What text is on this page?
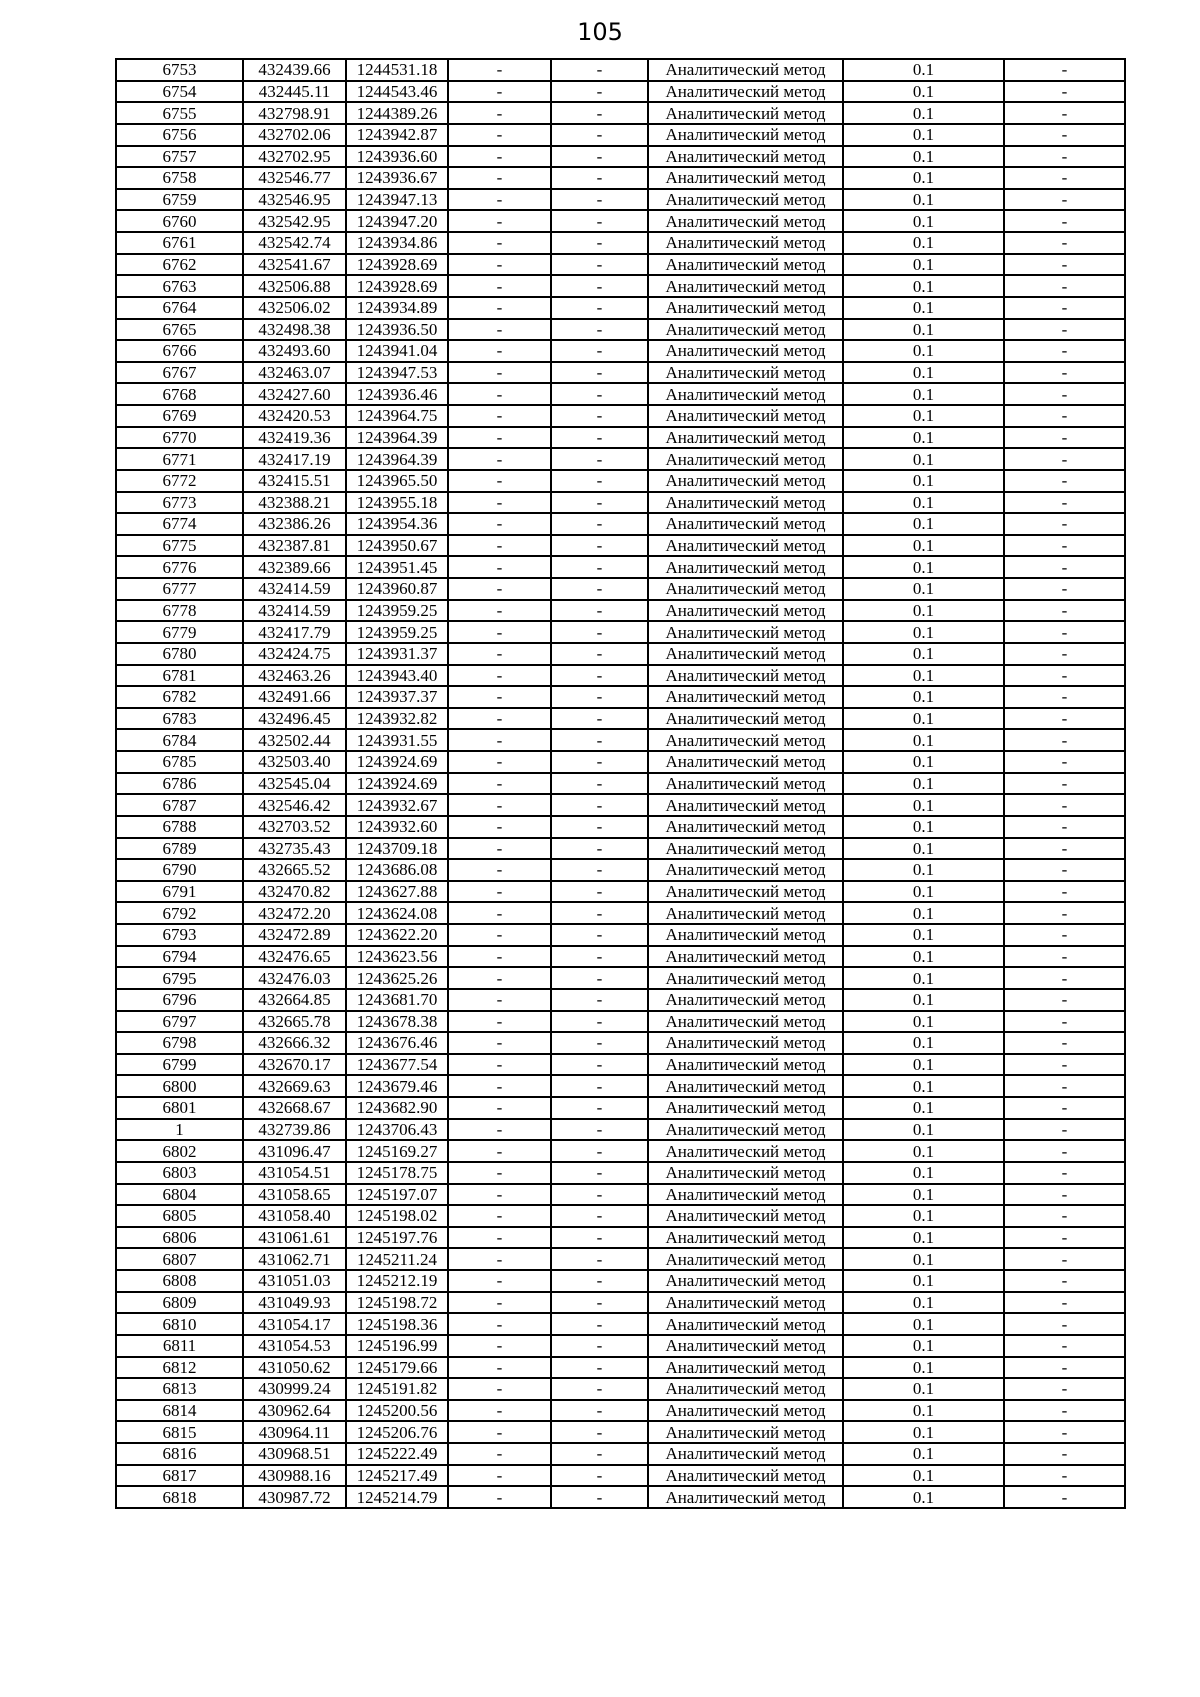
105
6753	432439.66	1244531.18	-	-	Аналитический метод	0.1	-
6754	432445.11	1244543.46	-	-	Аналитический метод	0.1	-
6755	432798.91	1244389.26	-	-	Аналитический метод	0.1	-
6756	432702.06	1243942.87	-	-	Аналитический метод	0.1	-
6757	432702.95	1243936.60	-	-	Аналитический метод	0.1	-
6758	432546.77	1243936.67	-	-	Аналитический метод	0.1	-
6759	432546.95	1243947.13	-	-	Аналитический метод	0.1	-
6760	432542.95	1243947.20	-	-	Аналитический метод	0.1	-
6761	432542.74	1243934.86	-	-	Аналитический метод	0.1	-
6762	432541.67	1243928.69	-	-	Аналитический метод	0.1	-
6763	432506.88	1243928.69	-	-	Аналитический метод	0.1	-
6764	432506.02	1243934.89	-	-	Аналитический метод	0.1	-
6765	432498.38	1243936.50	-	-	Аналитический метод	0.1	-
6766	432493.60	1243941.04	-	-	Аналитический метод	0.1	-
6767	432463.07	1243947.53	-	-	Аналитический метод	0.1	-
6768	432427.60	1243936.46	-	-	Аналитический метод	0.1	-
6769	432420.53	1243964.75	-	-	Аналитический метод	0.1	-
6770	432419.36	1243964.39	-	-	Аналитический метод	0.1	-
6771	432417.19	1243964.39	-	-	Аналитический метод	0.1	-
6772	432415.51	1243965.50	-	-	Аналитический метод	0.1	-
6773	432388.21	1243955.18	-	-	Аналитический метод	0.1	-
6774	432386.26	1243954.36	-	-	Аналитический метод	0.1	-
6775	432387.81	1243950.67	-	-	Аналитический метод	0.1	-
6776	432389.66	1243951.45	-	-	Аналитический метод	0.1	-
6777	432414.59	1243960.87	-	-	Аналитический метод	0.1	-
6778	432414.59	1243959.25	-	-	Аналитический метод	0.1	-
6779	432417.79	1243959.25	-	-	Аналитический метод	0.1	-
6780	432424.75	1243931.37	-	-	Аналитический метод	0.1	-
6781	432463.26	1243943.40	-	-	Аналитический метод	0.1	-
6782	432491.66	1243937.37	-	-	Аналитический метод	0.1	-
6783	432496.45	1243932.82	-	-	Аналитический метод	0.1	-
6784	432502.44	1243931.55	-	-	Аналитический метод	0.1	-
6785	432503.40	1243924.69	-	-	Аналитический метод	0.1	-
6786	432545.04	1243924.69	-	-	Аналитический метод	0.1	-
6787	432546.42	1243932.67	-	-	Аналитический метод	0.1	-
6788	432703.52	1243932.60	-	-	Аналитический метод	0.1	-
6789	432735.43	1243709.18	-	-	Аналитический метод	0.1	-
6790	432665.52	1243686.08	-	-	Аналитический метод	0.1	-
6791	432470.82	1243627.88	-	-	Аналитический метод	0.1	-
6792	432472.20	1243624.08	-	-	Аналитический метод	0.1	-
6793	432472.89	1243622.20	-	-	Аналитический метод	0.1	-
6794	432476.65	1243623.56	-	-	Аналитический метод	0.1	-
6795	432476.03	1243625.26	-	-	Аналитический метод	0.1	-
6796	432664.85	1243681.70	-	-	Аналитический метод	0.1	-
6797	432665.78	1243678.38	-	-	Аналитический метод	0.1	-
6798	432666.32	1243676.46	-	-	Аналитический метод	0.1	-
6799	432670.17	1243677.54	-	-	Аналитический метод	0.1	-
6800	432669.63	1243679.46	-	-	Аналитический метод	0.1	-
6801	432668.67	1243682.90	-	-	Аналитический метод	0.1	-
1	432739.86	1243706.43	-	-	Аналитический метод	0.1	-
6802	431096.47	1245169.27	-	-	Аналитический метод	0.1	-
6803	431054.51	1245178.75	-	-	Аналитический метод	0.1	-
6804	431058.65	1245197.07	-	-	Аналитический метод	0.1	-
6805	431058.40	1245198.02	-	-	Аналитический метод	0.1	-
6806	431061.61	1245197.76	-	-	Аналитический метод	0.1	-
6807	431062.71	1245211.24	-	-	Аналитический метод	0.1	-
6808	431051.03	1245212.19	-	-	Аналитический метод	0.1	-
6809	431049.93	1245198.72	-	-	Аналитический метод	0.1	-
6810	431054.17	1245198.36	-	-	Аналитический метод	0.1	-
6811	431054.53	1245196.99	-	-	Аналитический метод	0.1	-
6812	431050.62	1245179.66	-	-	Аналитический метод	0.1	-
6813	430999.24	1245191.82	-	-	Аналитический метод	0.1	-
6814	430962.64	1245200.56	-	-	Аналитический метод	0.1	-
6815	430964.11	1245206.76	-	-	Аналитический метод	0.1	-
6816	430968.51	1245222.49	-	-	Аналитический метод	0.1	-
6817	430988.16	1245217.49	-	-	Аналитический метод	0.1	-
6818	430987.72	1245214.79	-	-	Аналитический метод	0.1	-
